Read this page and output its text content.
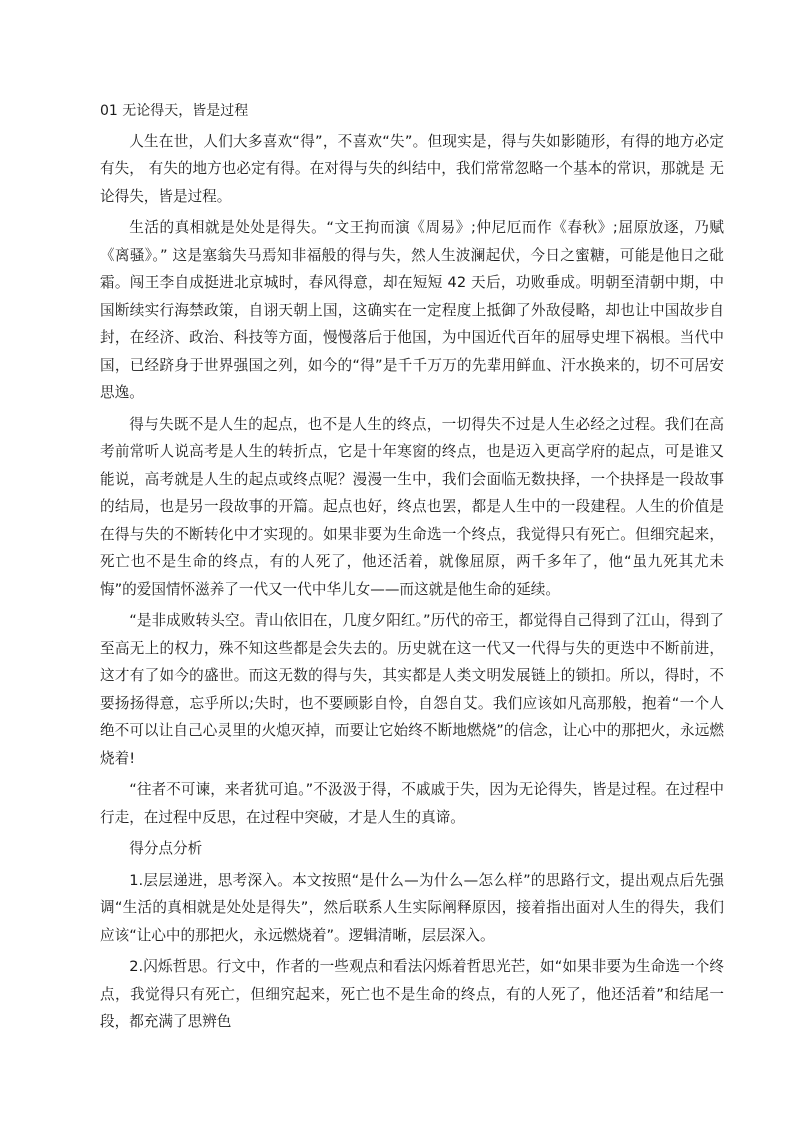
01 无论得天，皆是过程

人生在世，人们大多喜欢“得”，不喜欢“失”。但现实是，得与失如影随形，有得的地方必定有失， 有失的地方也必定有得。在对得与失的纠结中，我们常常忽略一个基本的常识，那就是 无论得失，皆是过程。

生活的真相就是处处是得失。“文王拘而演《周易》;仲尼厄而作《春秋》;屈原放逐，乃赋《离骚》。” 这是塞翁失马焉知非福般的得与失，然人生波澜起伏，今日之蜜糖，可能是他日之砒霜。闯王李自成挺进北京城时，春风得意，却在短短 42 天后，功败垂成。明朝至清朝中期，中国断续实行海禁政策，自诩天朝上国，这确实在一定程度上抵御了外敌侵略，却也让中国故步自封，在经济、政治、科技等方面，慢慢落后于他国，为中国近代百年的屈辱史埋下祸根。当代中国，已经跻身于世界强国之列，如今的“得”是千千万万的先辈用鲜血、汗水换来的，切不可居安思逸。

得与失既不是人生的起点，也不是人生的终点，一切得失不过是人生必经之过程。我们在高考前常听人说高考是人生的转折点，它是十年寒窗的终点，也是迈入更高学府的起点，可是谁又能说，高考就是人生的起点或终点呢？漫漫一生中，我们会面临无数抉择，一个抉择是一段故事的结局，也是另一段故事的开篇。起点也好，终点也罢，都是人生中的一段建程。人生的价值是在得与失的不断转化中才实现的。如果非要为生命选一个终点，我觉得只有死亡。但细究起来，死亡也不是生命的终点，有的人死了，他还活着，就像屈原，两千多年了，他“虽九死其尤未悔”的爱国情怀滋养了一代又一代中华儿女——而这就是他生命的延续。

“是非成败转头空。青山依旧在，几度夕阳红。”历代的帝王，都觉得自己得到了江山，得到了至高无上的权力，殊不知这些都是会失去的。历史就在这一代又一代得与失的更迭中不断前进，这才有了如今的盛世。而这无数的得与失，其实都是人类文明发展链上的锁扣。所以，得时，不要扬扬得意，忘乎所以;失时，也不要顾影自怜，自怨自艾。我们应该如凡高那般，抱着“一个人绝不可以让自己心灵里的火熄灭掉，而要让它始终不断地燃烧”的信念，让心中的那把火，永远燃烧着!

“往者不可谏，来者犹可追。”不汲汲于得，不戚戚于失，因为无论得失，皆是过程。在过程中行走，在过程中反思，在过程中突破，才是人生的真谛。

得分点分析

1.层层递进，思考深入。本文按照“是什么—为什么—怎么样”的思路行文，提出观点后先强调“生活的真相就是处处是得失”，然后联系人生实际阐释原因，接着指出面对人生的得失，我们应该“让心中的那把火，永远燃烧着”。逻辑清晰，层层深入。

2.闪烁哲思。行文中，作者的一些观点和看法闪烁着哲思光芒，如“如果非要为生命选一个终点，我觉得只有死亡，但细究起来，死亡也不是生命的终点，有的人死了，他还活着”和结尾一段，都充满了思辨色
